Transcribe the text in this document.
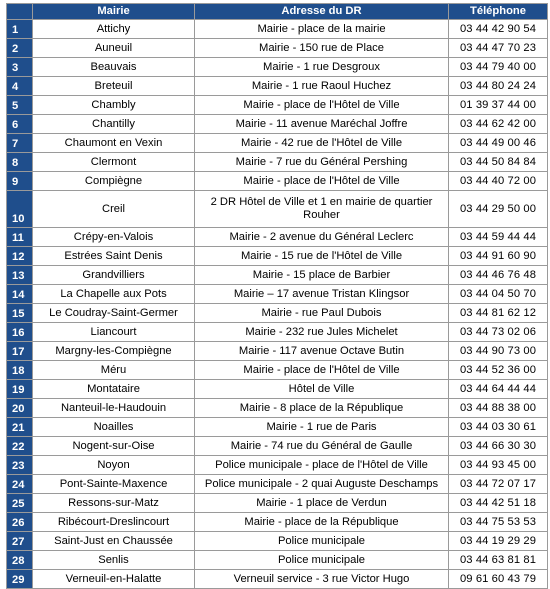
	Mairie	Adresse du DR	Téléphone
1	Attichy	Mairie - place de la mairie	03 44 42 90 54
2	Auneuil	Mairie - 150 rue de Place	03 44 47 70 23
3	Beauvais	Mairie - 1 rue Desgroux	03 44 79 40 00
4	Breteuil	Mairie - 1 rue Raoul Huchez	03 44 80 24 24
5	Chambly	Mairie - place de l'Hôtel de Ville	01 39 37 44 00
6	Chantilly	Mairie - 11 avenue Maréchal Joffre	03 44 62 42 00
7	Chaumont en Vexin	Mairie - 42 rue de l'Hôtel de Ville	03 44 49 00 46
8	Clermont	Mairie - 7 rue du Général Pershing	03 44 50 84 84
9	Compiègne	Mairie - place de l'Hôtel de Ville	03 44 40 72 00
10	Creil	2 DR Hôtel de Ville et 1 en mairie de quartier Rouher	03 44 29 50 00
11	Crépy-en-Valois	Mairie - 2 avenue du Général Leclerc	03 44 59 44 44
12	Estrées Saint Denis	Mairie - 15 rue de l'Hôtel de Ville	03 44 91 60 90
13	Grandvilliers	Mairie - 15 place de Barbier	03 44 46 76 48
14	La Chapelle aux Pots	Mairie – 17 avenue Tristan Klingsor	03 44 04 50 70
15	Le Coudray-Saint-Germer	Mairie - rue Paul Dubois	03 44 81 62 12
16	Liancourt	Mairie - 232 rue Jules Michelet	03 44 73 02 06
17	Margny-les-Compiègne	Mairie - 117 avenue Octave Butin	03 44 90 73 00
18	Méru	Mairie - place de l'Hôtel de Ville	03 44 52 36 00
19	Montataire	Hôtel de Ville	03 44 64 44 44
20	Nanteuil-le-Haudouin	Mairie - 8 place de la République	03 44 88 38 00
21	Noailles	Mairie - 1 rue de Paris	03 44 03 30 61
22	Nogent-sur-Oise	Mairie - 74 rue du Général de Gaulle	03 44 66 30 30
23	Noyon	Police municipale - place de l'Hôtel de Ville	03 44 93 45 00
24	Pont-Sainte-Maxence	Police municipale - 2 quai Auguste Deschamps	03 44 72 07 17
25	Ressons-sur-Matz	Mairie - 1 place de Verdun	03 44 42 51 18
26	Ribécourt-Dreslincourt	Mairie - place de la République	03 44 75 53 53
27	Saint-Just en Chaussée	Police municipale	03 44 19 29 29
28	Senlis	Police municipale	03 44 63 81 81
29	Verneuil-en-Halatte	Verneuil service - 3 rue Victor Hugo	09 61 60 43 79
